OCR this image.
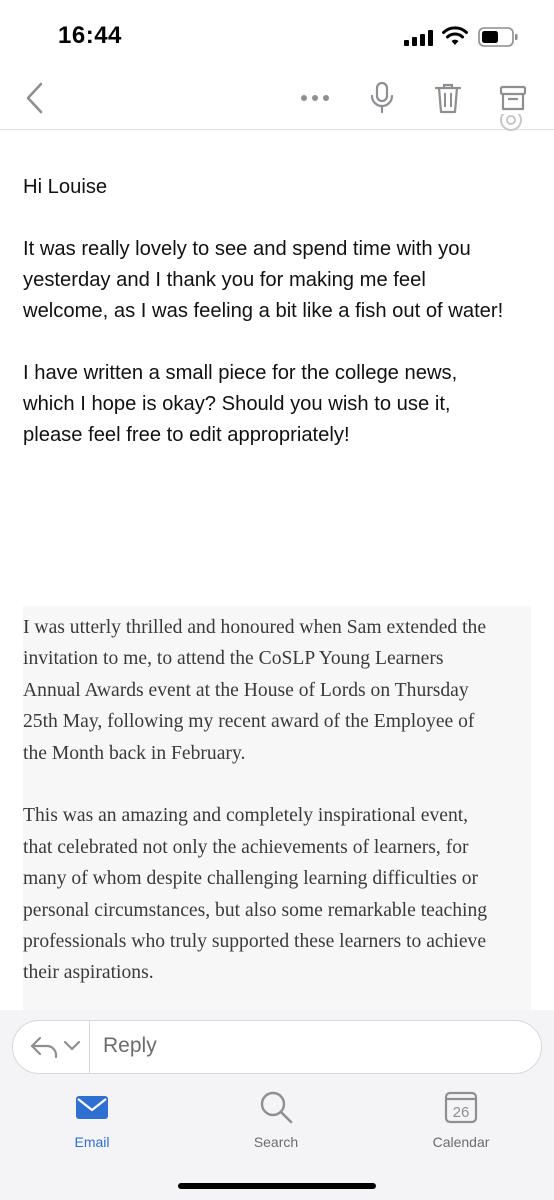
16:44

Hi Louise

It was really lovely to see and spend time with you
yesterday and I thank you for making me feel
welcome, as I was feeling a bit like a fish out of water!

I have written a small piece for the college news,
which I hope is okay? Should you wish to use it,
please feel free to edit appropriately!

I was utterly thrilled and honoured when Sam extended the
invitation to me, to attend the CoSLP Young Learners
Annual Awards event at the House of Lords on Thursday
25th May, following my recent award of the Employee of
the Month back in February.
This was an amazing and completely inspirational event,
that celebrated not only the achievements of learners, for
many of whom despite challenging learning difficulties or
personal circumstances, but also some remarkable teaching
professionals who truly supported these learners to achieve
their aspirations.
Reply
Email	Search
26
Calendar
